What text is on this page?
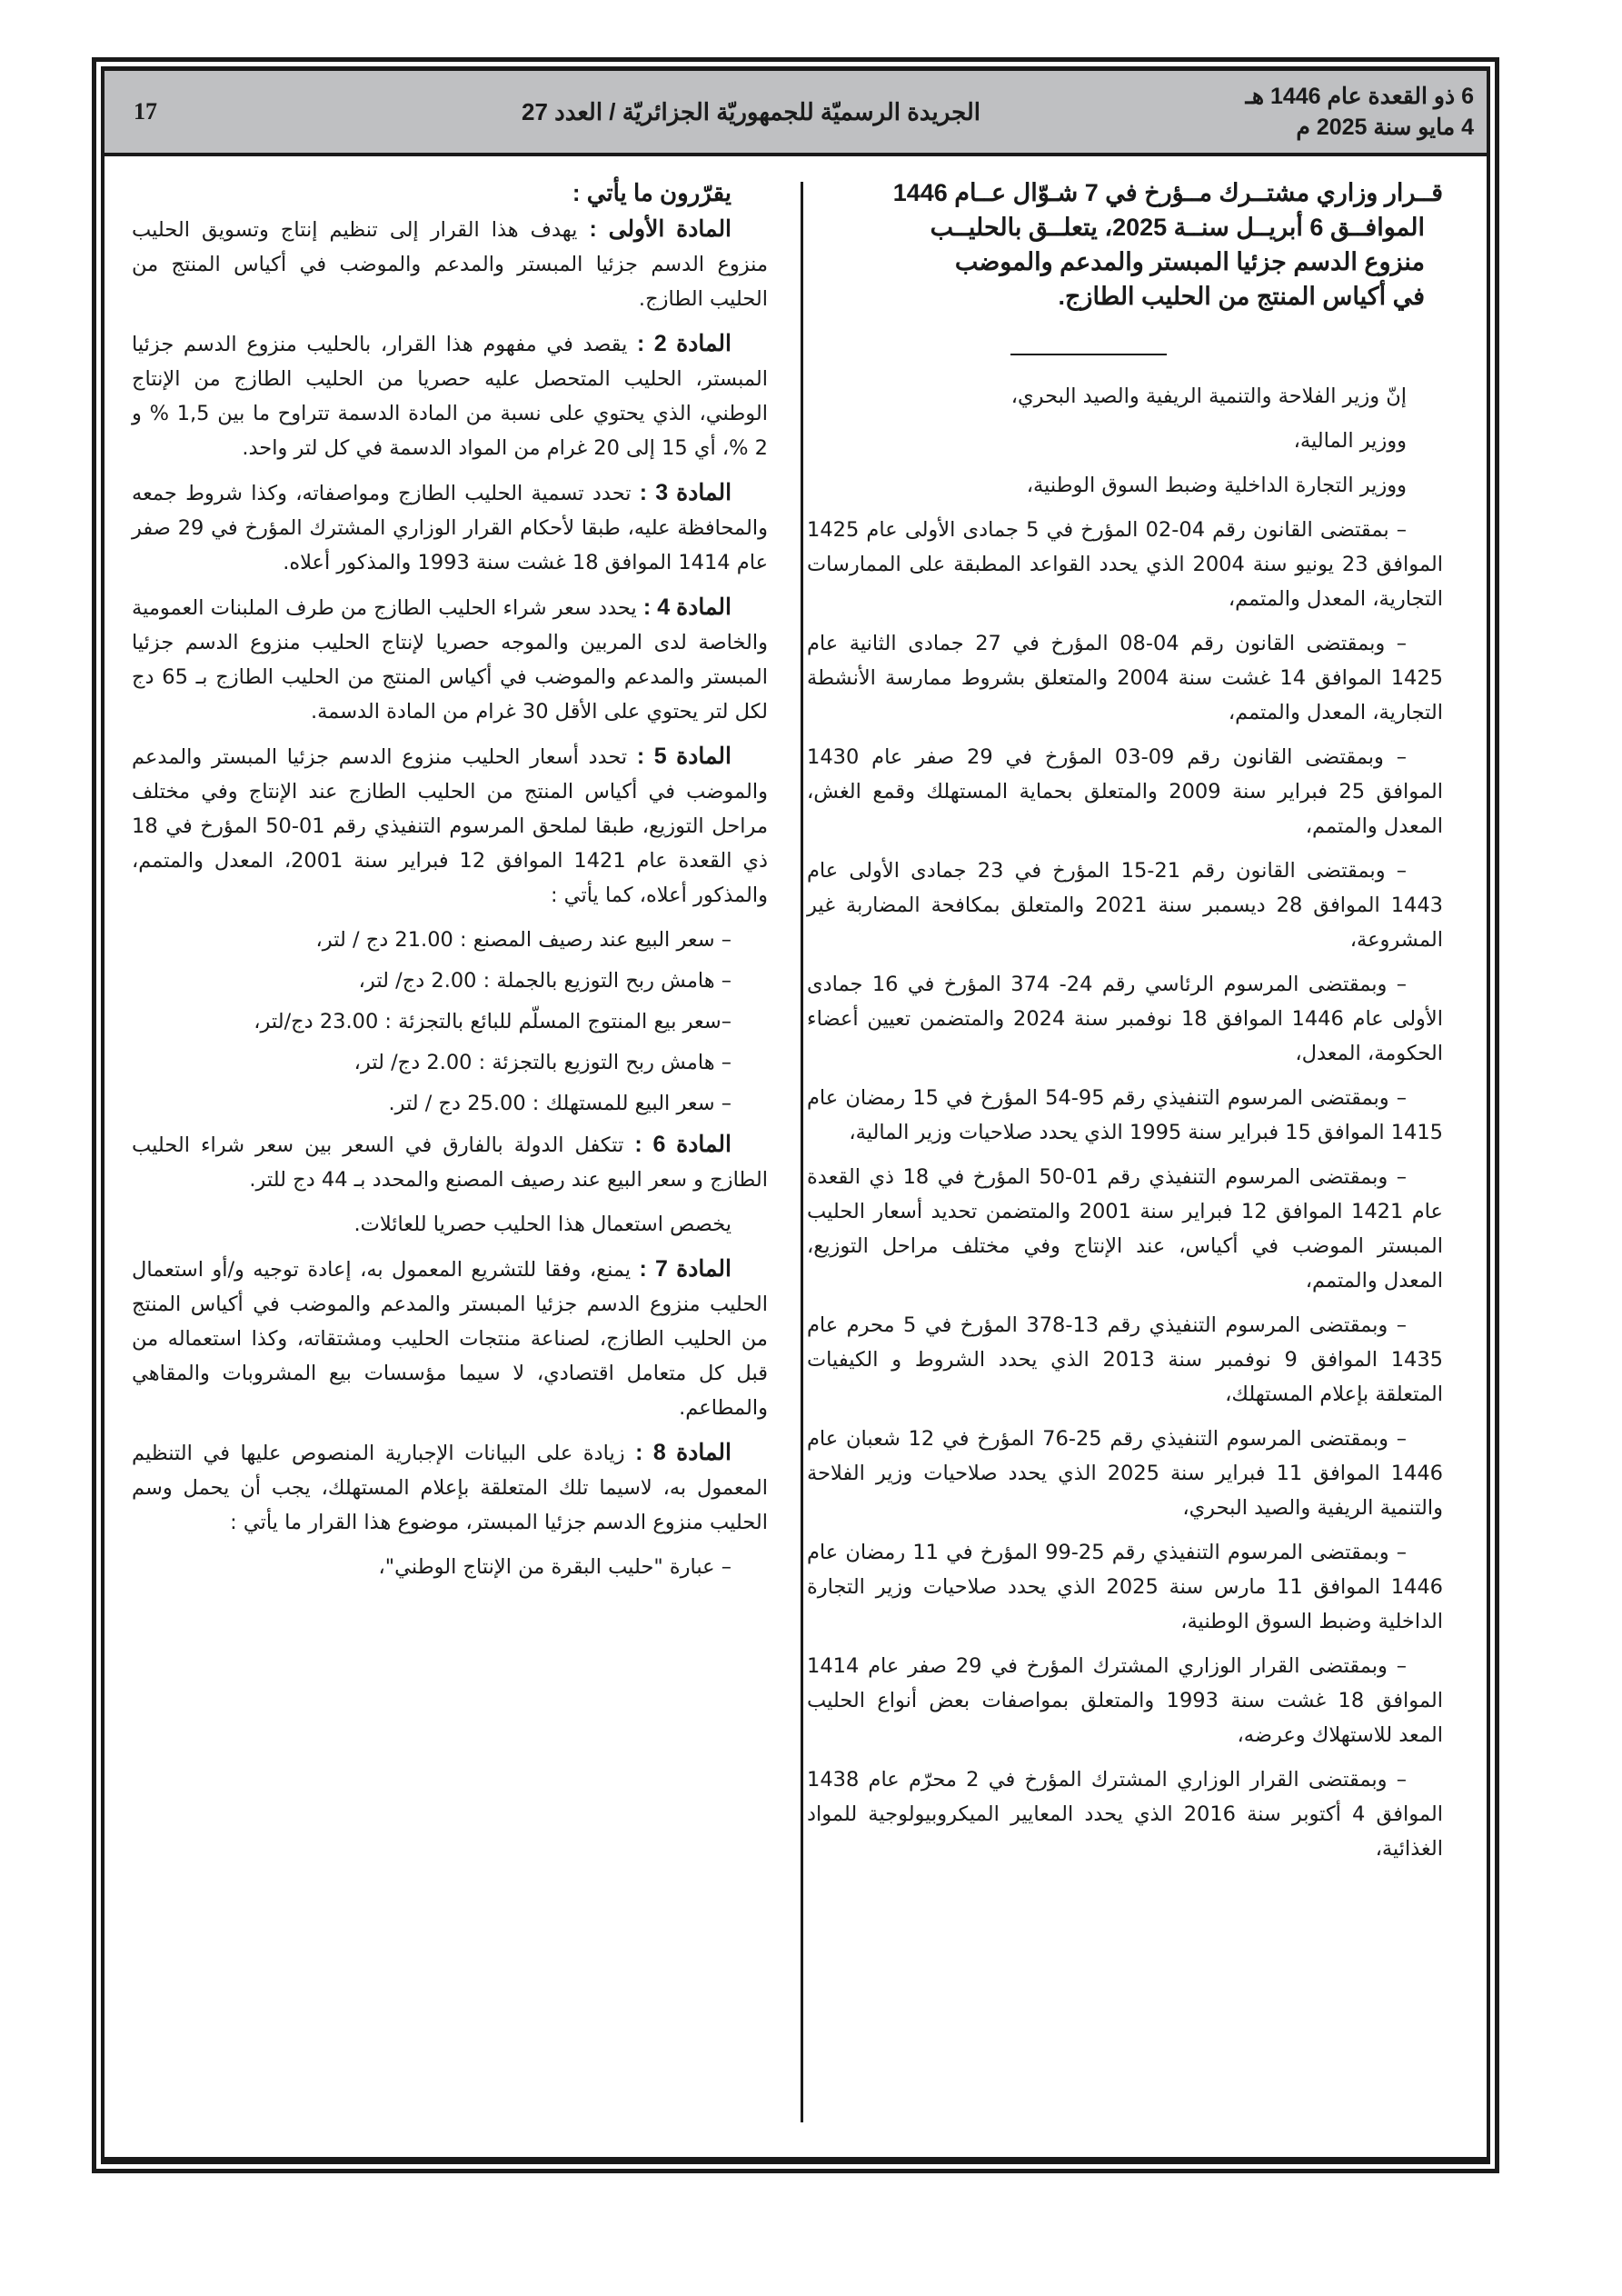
6 ذو القعدة عام 1446 هـ
4 مايو سنة 2025 م
الجريدة الرسميّة للجمهوريّة الجزائريّة / العدد 27
17
قــرار وزاري مشتــرك مــؤرخ في 7 شـوّال عــام 1446
الموافــق 6 أبريــل سنــة 2025، يتعلــق بالحليــب
منزوع الدسم جزئيا المبستر والمدعم والموضب
في أكياس المنتج من الحليب الطازج.

إنّ وزير الفلاحة والتنمية الريفية والصيد البحري،

ووزير المالية،

ووزير التجارة الداخلية وضبط السوق الوطنية،

– بمقتضى القانون رقم 04-02 المؤرخ في 5 جمادى الأولى عام 1425 الموافق 23 يونيو سنة 2004 الذي يحدد القواعد المطبقة على الممارسات التجارية، المعدل والمتمم،

– وبمقتضى القانون رقم 04-08 المؤرخ في 27 جمادى الثانية عام 1425 الموافق 14 غشت سنة 2004 والمتعلق بشروط ممارسة الأنشطة التجارية، المعدل والمتمم،

– وبمقتضى القانون رقم 09-03 المؤرخ في 29 صفر عام 1430 الموافق 25 فبراير سنة 2009 والمتعلق بحماية المستهلك وقمع الغش، المعدل والمتمم،

– وبمقتضى القانون رقم 21-15 المؤرخ في 23 جمادى الأولى عام 1443 الموافق 28 ديسمبر سنة 2021 والمتعلق بمكافحة المضاربة غير المشروعة،

– وبمقتضى المرسوم الرئاسي رقم 24- 374 المؤرخ في 16 جمادى الأولى عام 1446 الموافق 18 نوفمبر سنة 2024 والمتضمن تعيين أعضاء الحكومة، المعدل،

– وبمقتضى المرسوم التنفيذي رقم 95-54 المؤرخ في 15 رمضان عام 1415 الموافق 15 فبراير سنة 1995 الذي يحدد صلاحيات وزير المالية،

– وبمقتضى المرسوم التنفيذي رقم 01-50 المؤرخ في 18 ذي القعدة عام 1421 الموافق 12 فبراير سنة 2001 والمتضمن تحديد أسعار الحليب المبستر الموضب في أكياس، عند الإنتاج وفي مختلف مراحل التوزيع، المعدل والمتمم،

– وبمقتضى المرسوم التنفيذي رقم 13-378 المؤرخ في 5 محرم عام 1435 الموافق 9 نوفمبر سنة 2013 الذي يحدد الشروط و الكيفيات المتعلقة بإعلام المستهلك،

– وبمقتضى المرسوم التنفيذي رقم 25-76 المؤرخ في 12 شعبان عام 1446 الموافق 11 فبراير سنة 2025 الذي يحدد صلاحيات وزير الفلاحة والتنمية الريفية والصيد البحري،

– وبمقتضى المرسوم التنفيذي رقم 25-99 المؤرخ في 11 رمضان عام 1446 الموافق 11 مارس سنة 2025 الذي يحدد صلاحيات وزير التجارة الداخلية وضبط السوق الوطنية،

– وبمقتضى القرار الوزاري المشترك المؤرخ في 29 صفر عام 1414 الموافق 18 غشت سنة 1993 والمتعلق بمواصفات بعض أنواع الحليب المعد للاستهلاك وعرضه،

– وبمقتضى القرار الوزاري المشترك المؤرخ في 2 محرّم عام 1438 الموافق 4 أكتوبر سنة 2016 الذي يحدد المعايير الميكروبيولوجية للمواد الغذائية،

يقرّرون ما يأتي :

المادة الأولى : يهدف هذا القرار إلى تنظيم إنتاج وتسويق الحليب منزوع الدسم جزئيا المبستر والمدعم والموضب في أكياس المنتج من الحليب الطازج.

المادة 2 : يقصد في مفهوم هذا القرار، بالحليب منزوع الدسم جزئيا المبستر، الحليب المتحصل عليه حصريا من الحليب الطازج من الإنتاج الوطني، الذي يحتوي على نسبة من المادة الدسمة تتراوح ما بين 1,5 % و 2 %، أي 15 إلى 20 غرام من المواد الدسمة في كل لتر واحد.

المادة 3 : تحدد تسمية الحليب الطازج ومواصفاته، وكذا شروط جمعه والمحافظة عليه، طبقا لأحكام القرار الوزاري المشترك المؤرخ في 29 صفر عام 1414 الموافق 18 غشت سنة 1993 والمذكور أعلاه.

المادة 4 : يحدد سعر شراء الحليب الطازج من طرف الملبنات العمومية والخاصة لدى المربين والموجه حصريا لإنتاج الحليب منزوع الدسم جزئيا المبستر والمدعم والموضب في أكياس المنتج من الحليب الطازج بـ 65 دج لكل لتر يحتوي على الأقل 30 غرام من المادة الدسمة.

المادة 5 : تحدد أسعار الحليب منزوع الدسم جزئيا المبستر والمدعم والموضب في أكياس المنتج من الحليب الطازج عند الإنتاج وفي مختلف مراحل التوزيع، طبقا لملحق المرسوم التنفيذي رقم 01-50 المؤرخ في 18 ذي القعدة عام 1421 الموافق 12 فبراير سنة 2001، المعدل والمتمم، والمذكور أعلاه، كما يأتي :

– سعر البيع عند رصيف المصنع : 21.00 دج / لتر،

– هامش ربح التوزيع بالجملة : 2.00 دج/ لتر،

–سعر بيع المنتوج المسلّم للبائع بالتجزئة : 23.00 دج/لتر،

– هامش ربح التوزيع بالتجزئة : 2.00 دج/ لتر،

– سعر البيع للمستهلك : 25.00 دج / لتر.

المادة 6 : تتكفل الدولة بالفارق في السعر بين سعر شراء الحليب الطازج و سعر البيع عند رصيف المصنع والمحدد بـ 44 دج للتر.

يخصص استعمال هذا الحليب حصريا للعائلات.

المادة 7 : يمنع، وفقا للتشريع المعمول به، إعادة توجيه و/أو استعمال الحليب منزوع الدسم جزئيا المبستر والمدعم والموضب في أكياس المنتج من الحليب الطازج، لصناعة منتجات الحليب ومشتقاته، وكذا استعماله من قبل كل متعامل اقتصادي، لا سيما مؤسسات بيع المشروبات والمقاهي والمطاعم.

المادة 8 : زيادة على البيانات الإجبارية المنصوص عليها في التنظيم المعمول به، لاسيما تلك المتعلقة بإعلام المستهلك، يجب أن يحمل وسم الحليب منزوع الدسم جزئيا المبستر، موضوع هذا القرار ما يأتي :

– عبارة "حليب البقرة من الإنتاج الوطني"،
